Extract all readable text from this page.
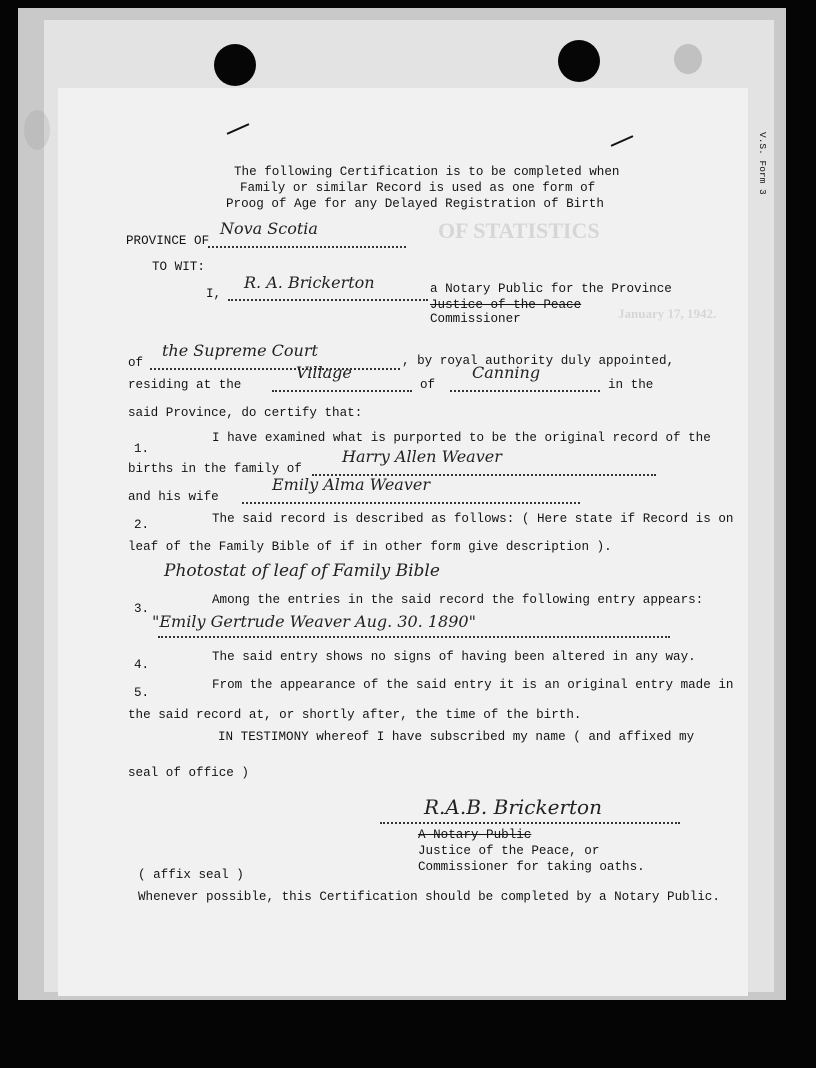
V.S. Form 3
OF STATISTICS
January 17, 1942.
The following Certification is to be completed when
Family or similar Record is used as one form of
Proog of Age for any Delayed Registration of Birth
PROVINCE OF
Nova Scotia
TO WIT:
I,
R. A. Brickerton	a Notary Public for the Province
Justice of the Peace
Commissioner
of
the Supreme Court
, by royal authority duly appointed,
residing at the
Village
of
Canning
in the
said Province, do certify that:
1.
I have examined what is purported to be the original record of the
births in the family of
Harry Allen Weaver
and his wife
Emily Alma Weaver
2.	The said record is described as follows: ( Here state if Record is on
leaf of the Family Bible of if in other form give description ).
Photostat of leaf of Family Bible
3.
Among the entries in the said record the following entry appears:
"Emily Gertrude Weaver Aug. 30. 1890"
4.
The said entry shows no signs of having been altered in any way.
5.
From the appearance of the said entry it is an original entry made in
the said record at, or shortly after, the time of the birth.
IN TESTIMONY whereof I have subscribed my name ( and affixed my
seal of office )
R.A.B. Brickerton
A Notary Public
Justice of the Peace, or
Commissioner for taking oaths.
( affix seal )
Whenever possible, this Certification should be completed by a Notary Public.
